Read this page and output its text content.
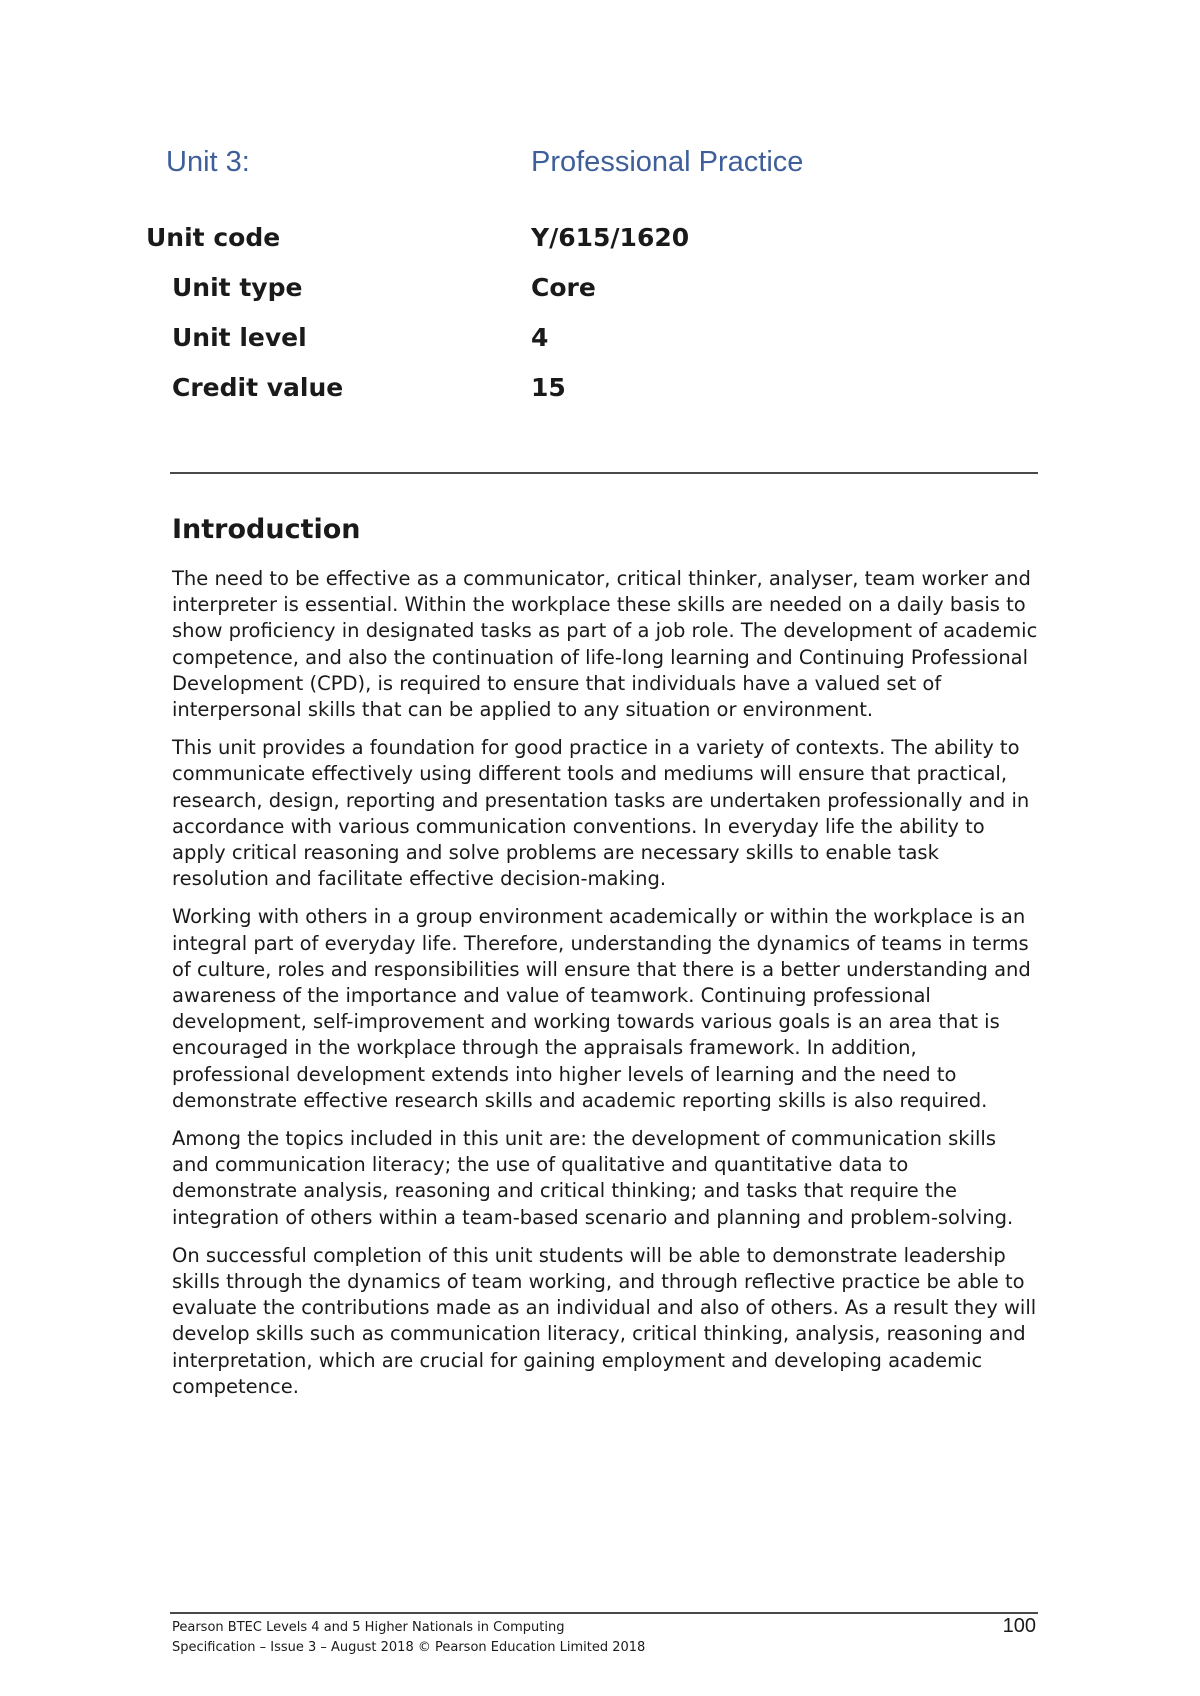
Unit 3:	Professional Practice
Unit code	Y/615/1620
Unit type	Core
Unit level	4
Credit value	15
Introduction

The need to be effective as a communicator, critical thinker, analyser, team worker and interpreter is essential. Within the workplace these skills are needed on a daily basis to show proficiency in designated tasks as part of a job role. The development of academic competence, and also the continuation of life-long learning and Continuing Professional Development (CPD), is required to ensure that individuals have a valued set of interpersonal skills that can be applied to any situation or environment.

This unit provides a foundation for good practice in a variety of contexts. The ability to communicate effectively using different tools and mediums will ensure that practical, research, design, reporting and presentation tasks are undertaken professionally and in accordance with various communication conventions. In everyday life the ability to apply critical reasoning and solve problems are necessary skills to enable task resolution and facilitate effective decision-making.

Working with others in a group environment academically or within the workplace is an integral part of everyday life. Therefore, understanding the dynamics of teams in terms of culture, roles and responsibilities will ensure that there is a better understanding and awareness of the importance and value of teamwork. Continuing professional development, self-improvement and working towards various goals is an area that is encouraged in the workplace through the appraisals framework. In addition, professional development extends into higher levels of learning and the need to demonstrate effective research skills and academic reporting skills is also required.

Among the topics included in this unit are: the development of communication skills and communication literacy; the use of qualitative and quantitative data to demonstrate analysis, reasoning and critical thinking; and tasks that require the integration of others within a team-based scenario and planning and problem-solving.

On successful completion of this unit students will be able to demonstrate leadership skills through the dynamics of team working, and through reflective practice be able to evaluate the contributions made as an individual and also of others. As a result they will develop skills such as communication literacy, critical thinking, analysis, reasoning and interpretation, which are crucial for gaining employment and developing academic competence.

Pearson BTEC Levels 4 and 5 Higher Nationals in Computing
Specification – Issue 3 – August 2018 © Pearson Education Limited 2018
100
